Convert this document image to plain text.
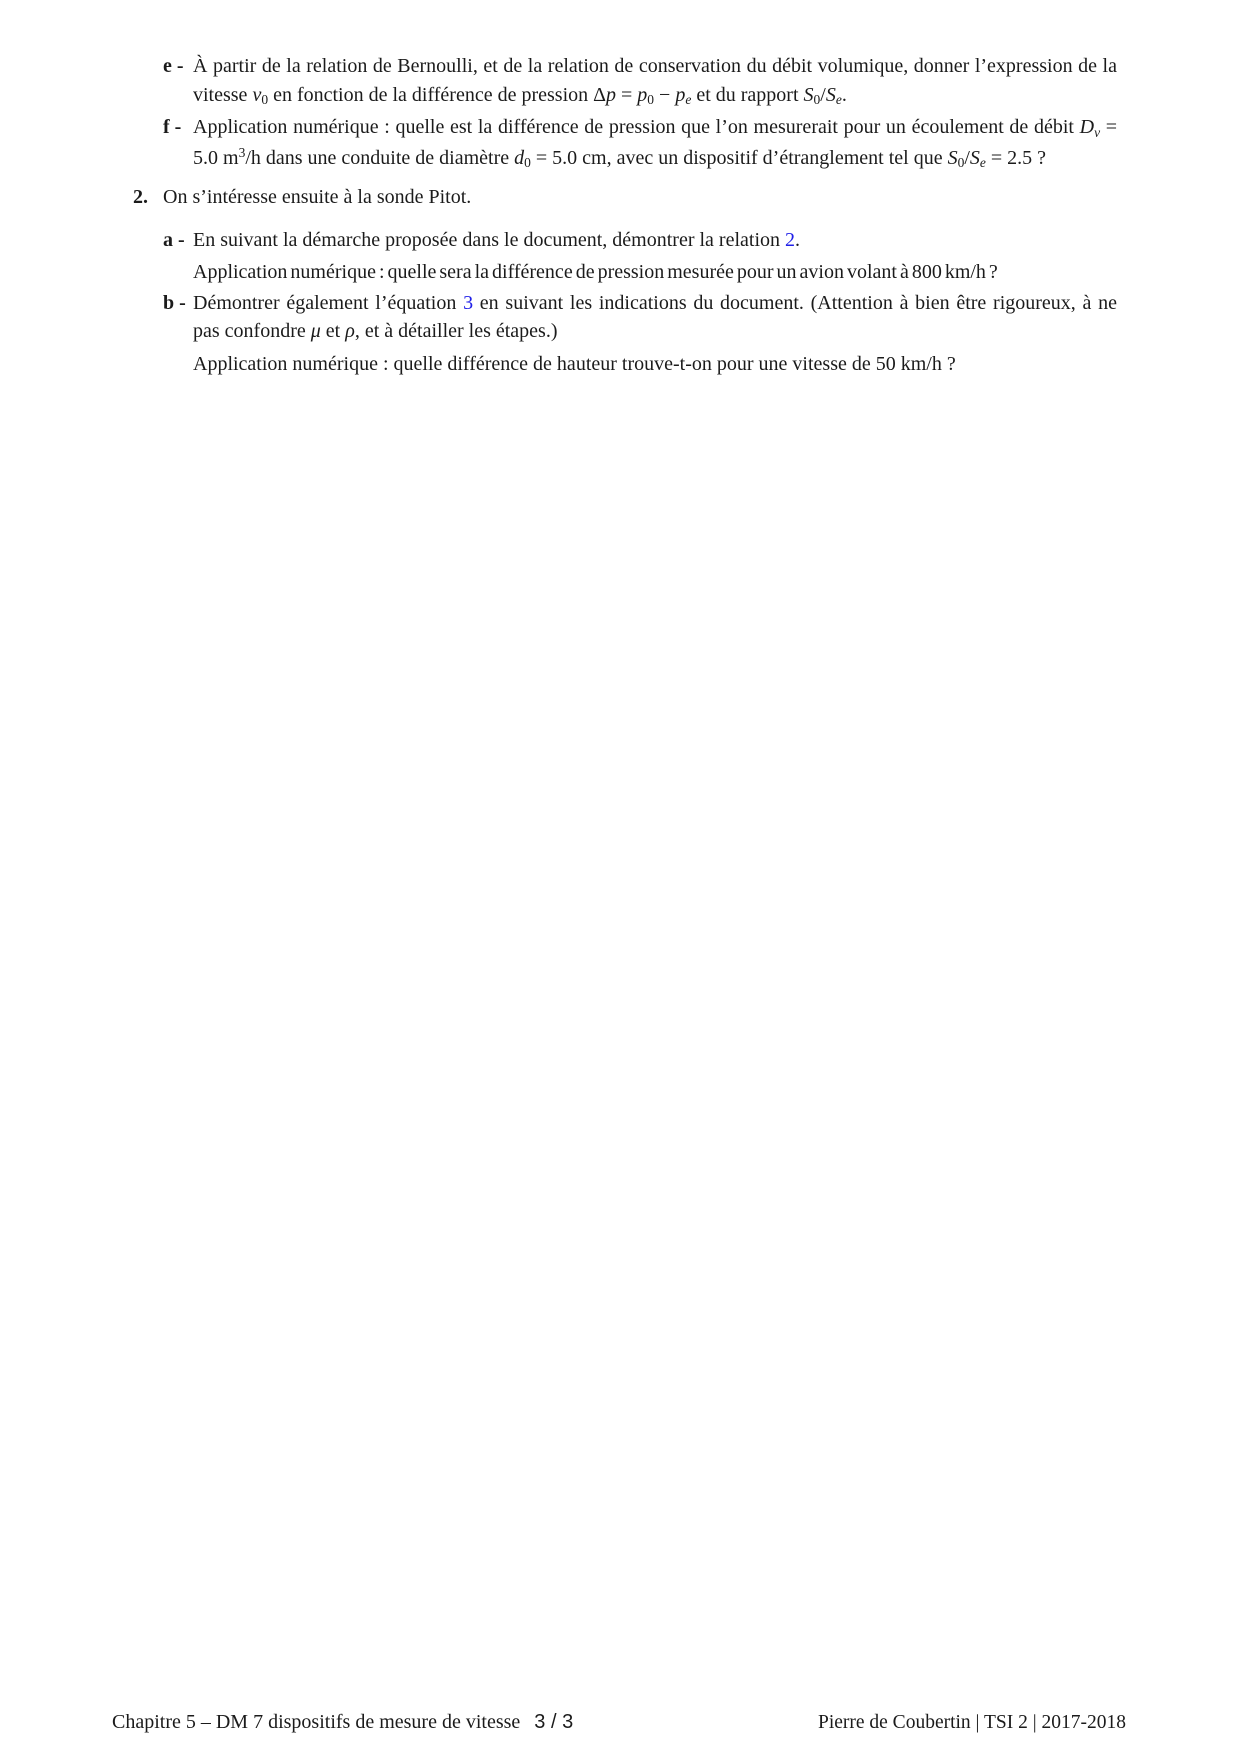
e - À partir de la relation de Bernoulli, et de la relation de conservation du débit volumique, donner l’expression de la vitesse v0 en fonction de la différence de pression Δp = p0 − pe et du rapport S0/Se.
f - Application numérique : quelle est la différence de pression que l’on mesurerait pour un écoulement de débit Dv = 5.0 $m^3/h$ dans une conduite de diamètre d0 = 5.0 cm, avec un dispositif d’étranglement tel que S0/Se = 2.5 ?
2. On s’intéresse ensuite à la sonde Pitot.
a - En suivant la démarche proposée dans le document, démontrer la relation 2.
Application numérique : quelle sera la différence de pression mesurée pour un avion volant à 800 km/h ?
b - Démontrer également l’équation 3 en suivant les indications du document. (Attention à bien être rigoureux, à ne pas confondre μ et ρ, et à détailler les étapes.)
Application numérique : quelle différence de hauteur trouve-t-on pour une vitesse de 50 km/h ?
Chapitre 5 – DM 7 dispositifs de mesure de vitesse 3 / 3	Pierre de Coubertin | TSI 2 | 2017-2018
